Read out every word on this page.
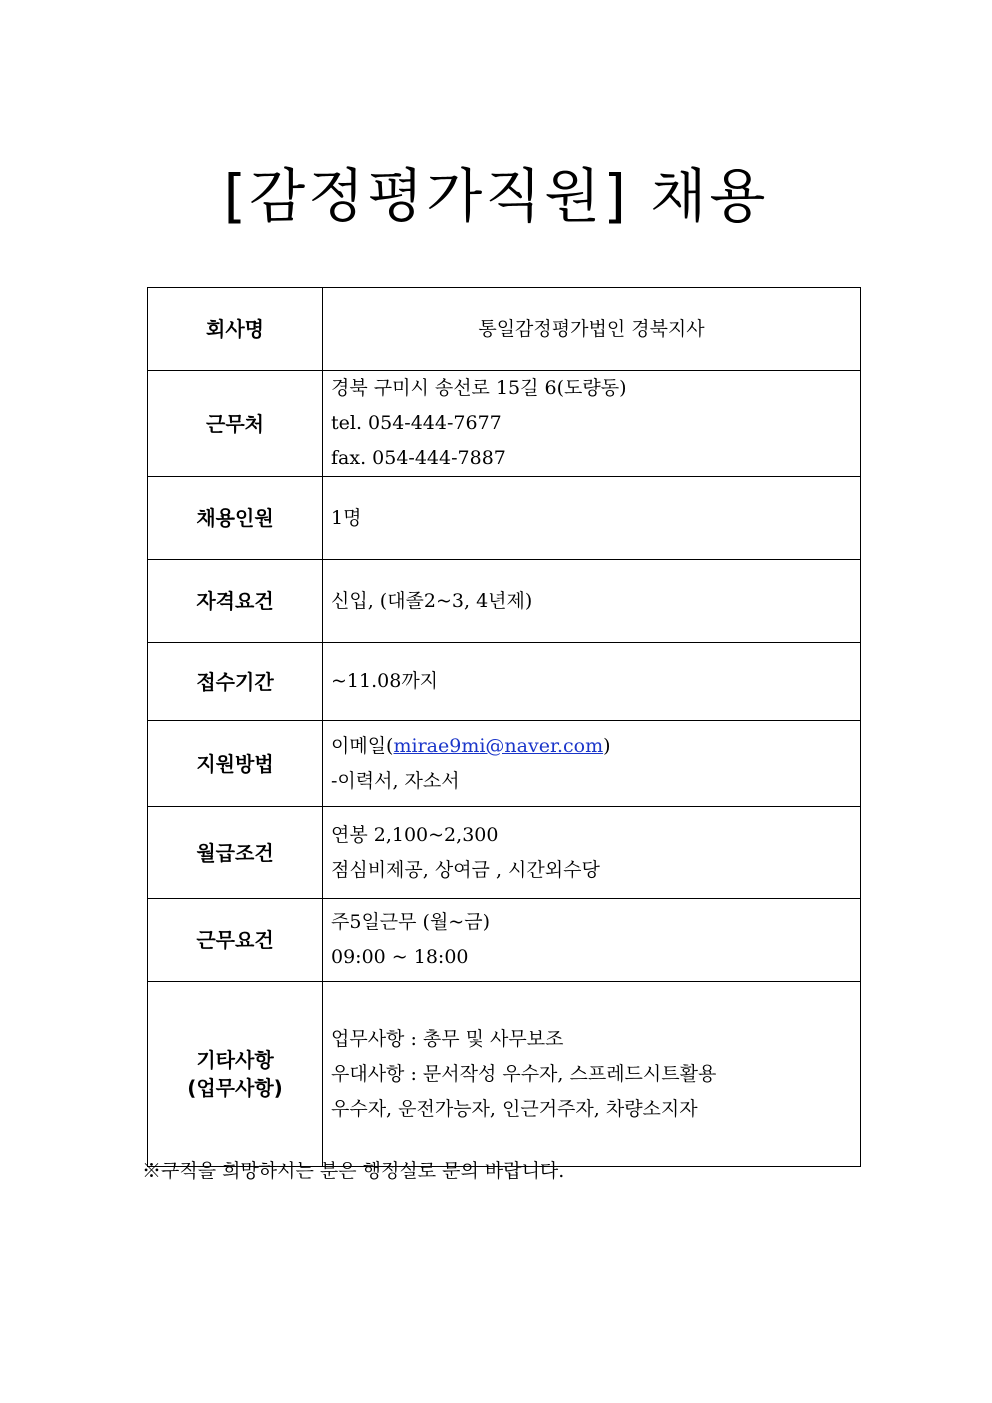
[감정평가직원] 채용
회사명	통일감정평가법인 경북지사
근무처	경북 구미시 송선로 15길 6(도량동)
tel. 054-444-7677
fax. 054-444-7887

채용인원	1명
자격요건	신입, (대졸2~3, 4년제)
접수기간	~11.08까지
지원방법	이메일(mirae9mi@naver.com)
-이력서, 자소서

월급조건	연봉 2,100~2,300
점심비제공, 상여금 , 시간외수당

근무요건	주5일근무 (월~금)
09:00 ~ 18:00

기타사항
(업무사항)	업무사항 : 총무 및 사무보조
우대사항 : 문서작성 우수자, 스프레드시트활용
우수자, 운전가능자, 인근거주자, 차량소지자
※구직을 희망하시는 분은 행정실로 문의 바랍니다.
